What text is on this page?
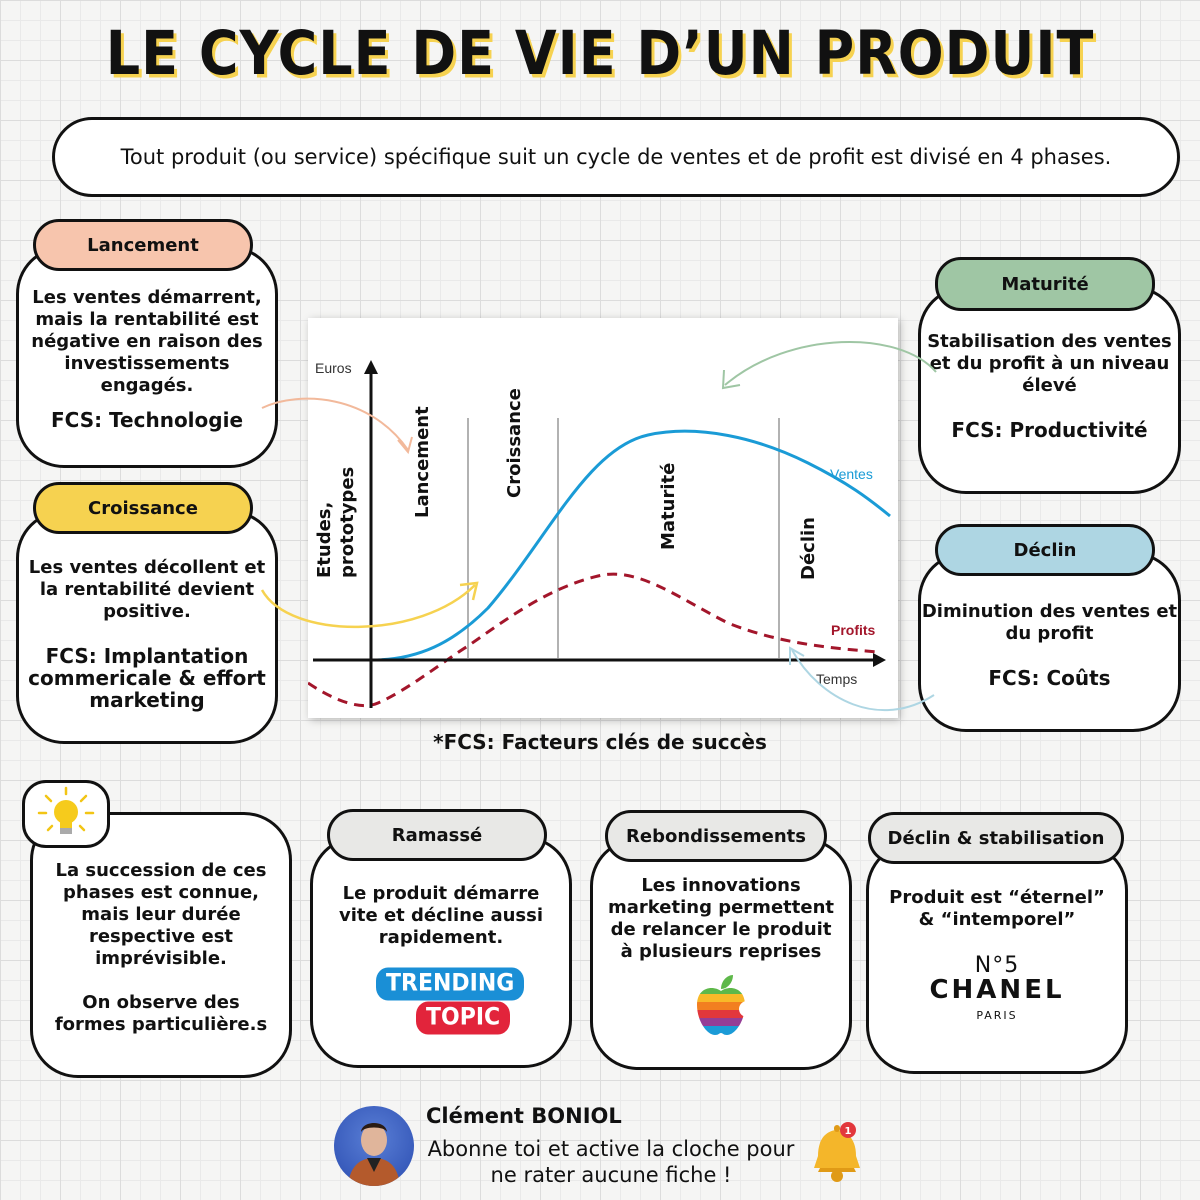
LE CYCLE DE VIE D’UN PRODUIT
Tout produit (ou service) spécifique suit un cycle de ventes et de profit est divisé en 4 phases.
Les ventes démarrent, mais la rentabilité est négative en raison des investissements engagés.
FCS: Technologie
Lancement
Les ventes décollent et la rentabilité devient positive.
FCS: Implantation commericale & effort marketing
Croissance
Stabilisation des ventes et du profit à un niveau élevé
FCS: Productivité
Maturité
Diminution des ventes et du profit
FCS: Coûts
Déclin
Euros
Temps
Ventes
Profits
Etudes, prototypes
Lancement	Croissance
Maturité	Déclin
*FCS: Facteurs clés de succès
La succession de ces phases est connue, mais leur durée respective est imprévisible.
On observe des formes particulière.s
Le produit démarre vite et décline aussi rapidement.
TRENDING
TOPIC
Ramassé
Les innovations marketing permettent de relancer le produit à plusieurs reprises
Rebondissements
Produit est “éternel” & “intemporel”
N°5
CHANEL
PARIS
Déclin & stabilisation
Clément BONIOL
Abonne toi et active la cloche pour ne rater aucune fiche !
1
